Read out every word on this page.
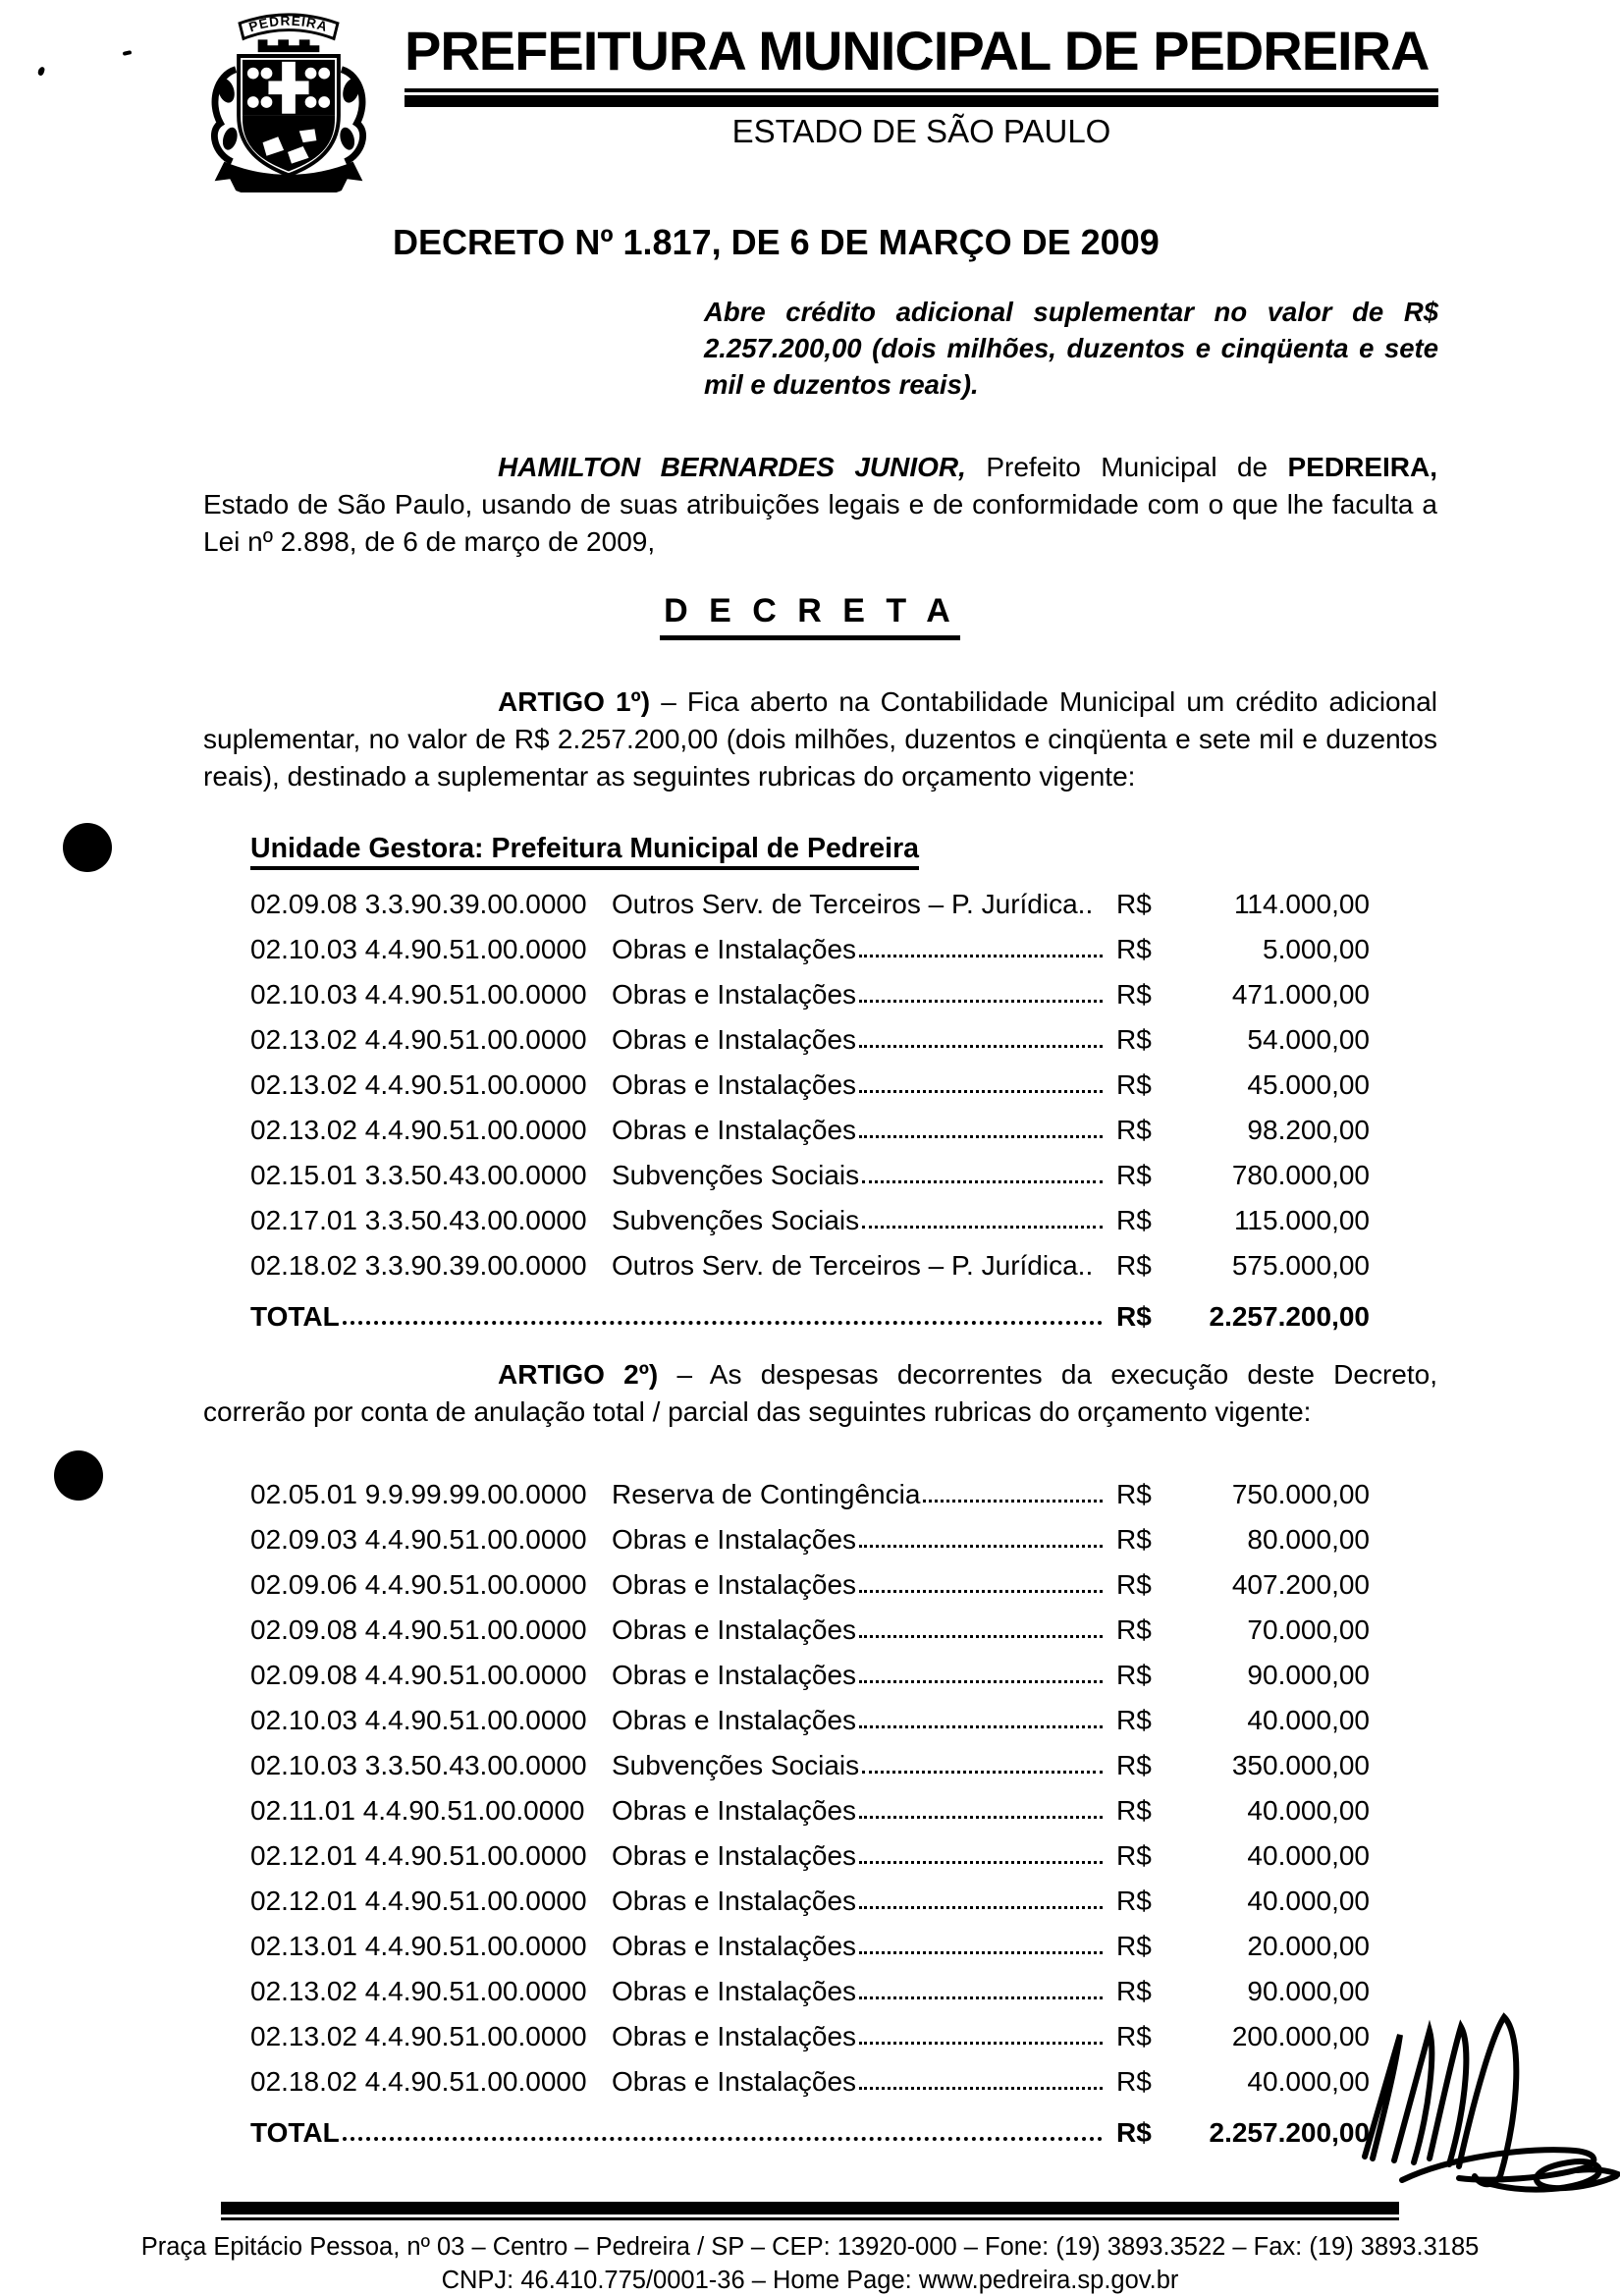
PEDREIRA PREFEITURA MUNICIPAL DE PEDREIRA
ESTADO DE SÃO PAULO
DECRETO Nº 1.817, DE 6 DE MARÇO DE 2009
Abre crédito adicional suplementar no valor de R$ 2.257.200,00 (dois milhões, duzentos e cinqüenta e sete mil e duzentos reais).

HAMILTON BERNARDES JUNIOR, Prefeito Municipal de PEDREIRA, Estado de São Paulo, usando de suas atribuições legais e de conformidade com o que lhe faculta a Lei nº 2.898, de 6 de março de 2009,

D E C R E T A

ARTIGO 1º) – Fica aberto na Contabilidade Municipal um crédito adicional suplementar, no valor de R$ 2.257.200,00 (dois milhões, duzentos e cinqüenta e sete mil e duzentos reais), destinado a suplementar as seguintes rubricas do orçamento vigente:

Unidade Gestora: Prefeitura Municipal de Pedreira
02.09.08 3.3.90.39.00.0000 Outros Serv. de Terceiros – P. Jurídica.. R$	114.000,00
02.10.03 4.4.90.51.00.0000 Obras e Instalações	R$	5.000,00
02.10.03 4.4.90.51.00.0000 Obras e Instalações	R$	471.000,00
02.13.02 4.4.90.51.00.0000 Obras e Instalações	R$	54.000,00
02.13.02 4.4.90.51.00.0000 Obras e Instalações	R$	45.000,00
02.13.02 4.4.90.51.00.0000 Obras e Instalações	R$	98.200,00
02.15.01 3.3.50.43.00.0000 Subvenções Sociais	R$	780.000,00
02.17.01 3.3.50.43.00.0000 Subvenções Sociais	R$	115.000,00
02.18.02 3.3.90.39.00.0000 Outros Serv. de Terceiros – P. Jurídica.. R$	575.000,00
TOTAL	R$	2.257.200,00

ARTIGO 2º) – As despesas decorrentes da execução deste Decreto, correrão por conta de anulação total / parcial das seguintes rubricas do orçamento vigente:

02.05.01 9.9.99.99.00.0000 Reserva de Contingência	R$	750.000,00
02.09.03 4.4.90.51.00.0000 Obras e Instalações	R$	80.000,00
02.09.06 4.4.90.51.00.0000 Obras e Instalações	R$	407.200,00
02.09.08 4.4.90.51.00.0000 Obras e Instalações	R$	70.000,00
02.09.08 4.4.90.51.00.0000 Obras e Instalações	R$	90.000,00
02.10.03 4.4.90.51.00.0000 Obras e Instalações	R$	40.000,00
02.10.03 3.3.50.43.00.0000 Subvenções Sociais	R$	350.000,00
02.11.01 4.4.90.51.00.0000 Obras e Instalações	R$	40.000,00
02.12.01 4.4.90.51.00.0000 Obras e Instalações	R$	40.000,00
02.12.01 4.4.90.51.00.0000 Obras e Instalações	R$	40.000,00
02.13.01 4.4.90.51.00.0000 Obras e Instalações	R$	20.000,00
02.13.02 4.4.90.51.00.0000 Obras e Instalações	R$	90.000,00
02.13.02 4.4.90.51.00.0000 Obras e Instalações	R$	200.000,00
02.18.02 4.4.90.51.00.0000 Obras e Instalações	R$	40.000,00
TOTAL	R$	2.257.200,00
Praça Epitácio Pessoa, nº 03 – Centro – Pedreira / SP – CEP: 13920-000 – Fone: (19) 3893.3522 – Fax: (19) 3893.3185
CNPJ: 46.410.775/0001-36 – Home Page: www.pedreira.sp.gov.br
